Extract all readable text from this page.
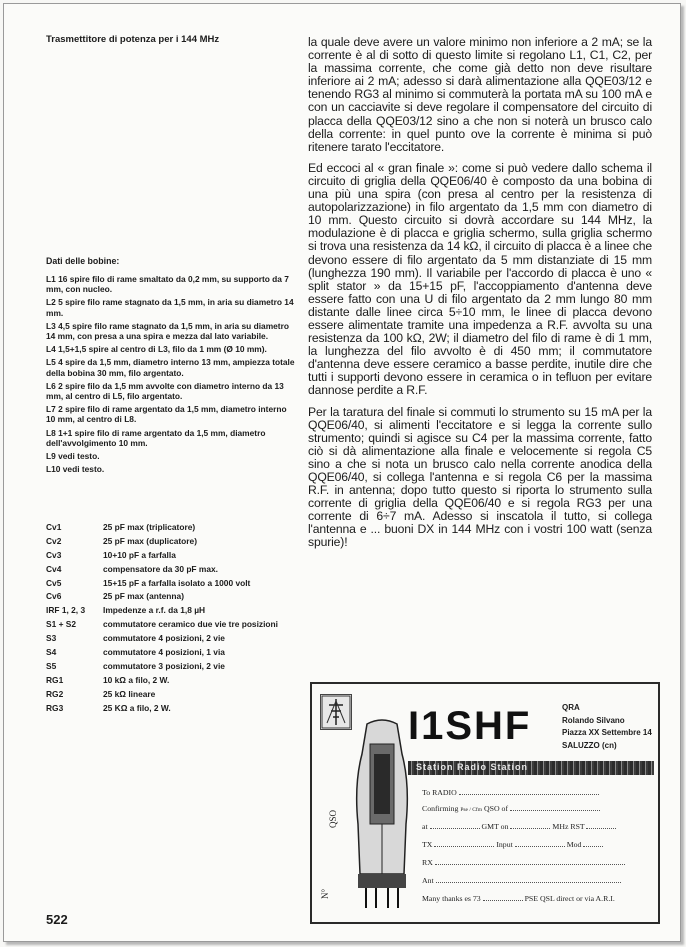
Trasmettitore di potenza per i 144 MHz
Dati delle bobine:
L1 16 spire filo di rame smaltato da 0,2 mm, su supporto da 7 mm, con nucleo.
L2 5 spire filo rame stagnato da 1,5 mm, in aria su diametro 14 mm.
L3 4,5 spire filo rame stagnato da 1,5 mm, in aria su diametro 14 mm, con presa a una spira e mezza dal lato variabile.
L4 1,5+1,5 spire al centro di L3, filo da 1 mm (Ø 10 mm).
L5 4 spire da 1,5 mm, diametro interno 13 mm, ampiezza totale della bobina 30 mm, filo argentato.
L6 2 spire filo da 1,5 mm avvolte con diametro interno da 13 mm, al centro di L5, filo argentato.
L7 2 spire filo di rame argentato da 1,5 mm, diametro interno 10 mm, al centro di L8.
L8 1+1 spire filo di rame argentato da 1,5 mm, diametro dell'avvolgimento 10 mm.
L9 vedi testo.
L10 vedi testo.
Cv1	25 pF max (triplicatore)
Cv2	25 pF max (duplicatore)
Cv3	10+10 pF a farfalla
Cv4	compensatore da 30 pF max.
Cv5	15+15 pF a farfalla isolato a 1000 volt
Cv6	25 pF max (antenna)
IRF 1, 2, 3	Impedenze a r.f. da 1,8 µH
S1 + S2	commutatore ceramico due vie tre posizioni
S3	commutatore 4 posizioni, 2 vie
S4	commutatore 4 posizioni, 1 via
S5	commutatore 3 posizioni, 2 vie
RG1	10 kΩ a filo, 2 W.
RG2	25 kΩ lineare
RG3	25 KΩ a filo, 2 W.
522

la quale deve avere un valore minimo non inferiore a 2 mA; se la corrente è al di sotto di questo limite si regolano L1, C1, C2, per la massima corrente, che come già detto non deve risultare inferiore ai 2 mA; adesso si darà alimentazione alla QQE03/12 e tenendo RG3 al minimo si commuterà la portata mA su 100 mA e con un cacciavite si deve regolare il compensatore del circuito di placca della QQE03/12 sino a che non si noterà un brusco calo della corrente: in quel punto ove la corrente è minima si può ritenere tarato l'eccitatore.

Ed eccoci al « gran finale »: come si può vedere dallo schema il circuito di griglia della QQE06/40 è composto da una bobina di una più una spira (con presa al centro per la resistenza di autopolarizzazione) in filo argentato da 1,5 mm con diametro di 10 mm. Questo circuito si dovrà accordare su 144 MHz, la modulazione è di placca e griglia schermo, sulla griglia schermo si trova una resistenza da 14 kΩ, il circuito di placca è a linee che devono essere di filo argentato da 5 mm distanziate di 15 mm (lunghezza 190 mm). Il variabile per l'accordo di placca è uno « split stator » da 15+15 pF, l'accoppiamento d'antenna deve essere fatto con una U di filo argentato da 2 mm lungo 80 mm distante dalle linee circa 5÷10 mm, le linee di placca devono essere alimentate tramite una impedenza a R.F. avvolta su una resistenza da 100 kΩ, 2W; il diametro del filo di rame è di 1 mm, la lunghezza del filo avvolto è di 450 mm; il commutatore d'antenna deve essere ceramico a basse perdite, inutile dire che tutti i supporti devono essere in ceramica o in tefluon per evitare dannose perdite a R.F.

Per la taratura del finale si commuti lo strumento su 15 mA per la QQE06/40, si alimenti l'eccitatore e si legga la corrente sullo strumento; quindi si agisce su C4 per la massima corrente, fatto ciò si dà alimentazione alla finale e velocemente si regola C5 sino a che si nota un brusco calo nella corrente anodica della QQE06/40, si collega l'antenna e si regola C6 per la massima R.F. in antenna; dopo tutto questo si riporta lo strumento sulla corrente di griglia della QQE06/40 e si regola RG3 per una corrente di 6÷7 mA. Adesso si inscatola il tutto, si collega l'antenna e ... buoni DX in 144 MHz con i vostri 100 watt (senza spurie)!

I1SHF	QRA
Rolando Silvano
Piazza XX Settembre 14
SALUZZO (cn)
Station Radio Station
QSO
N°
To RADIO
Confirming Pse / Cfm QSO of
at	GMT on	MHz RST
TX	Input	Mod
RX
Ant
Many thanks es 73	PSE QSL direct or via A.R.I.
